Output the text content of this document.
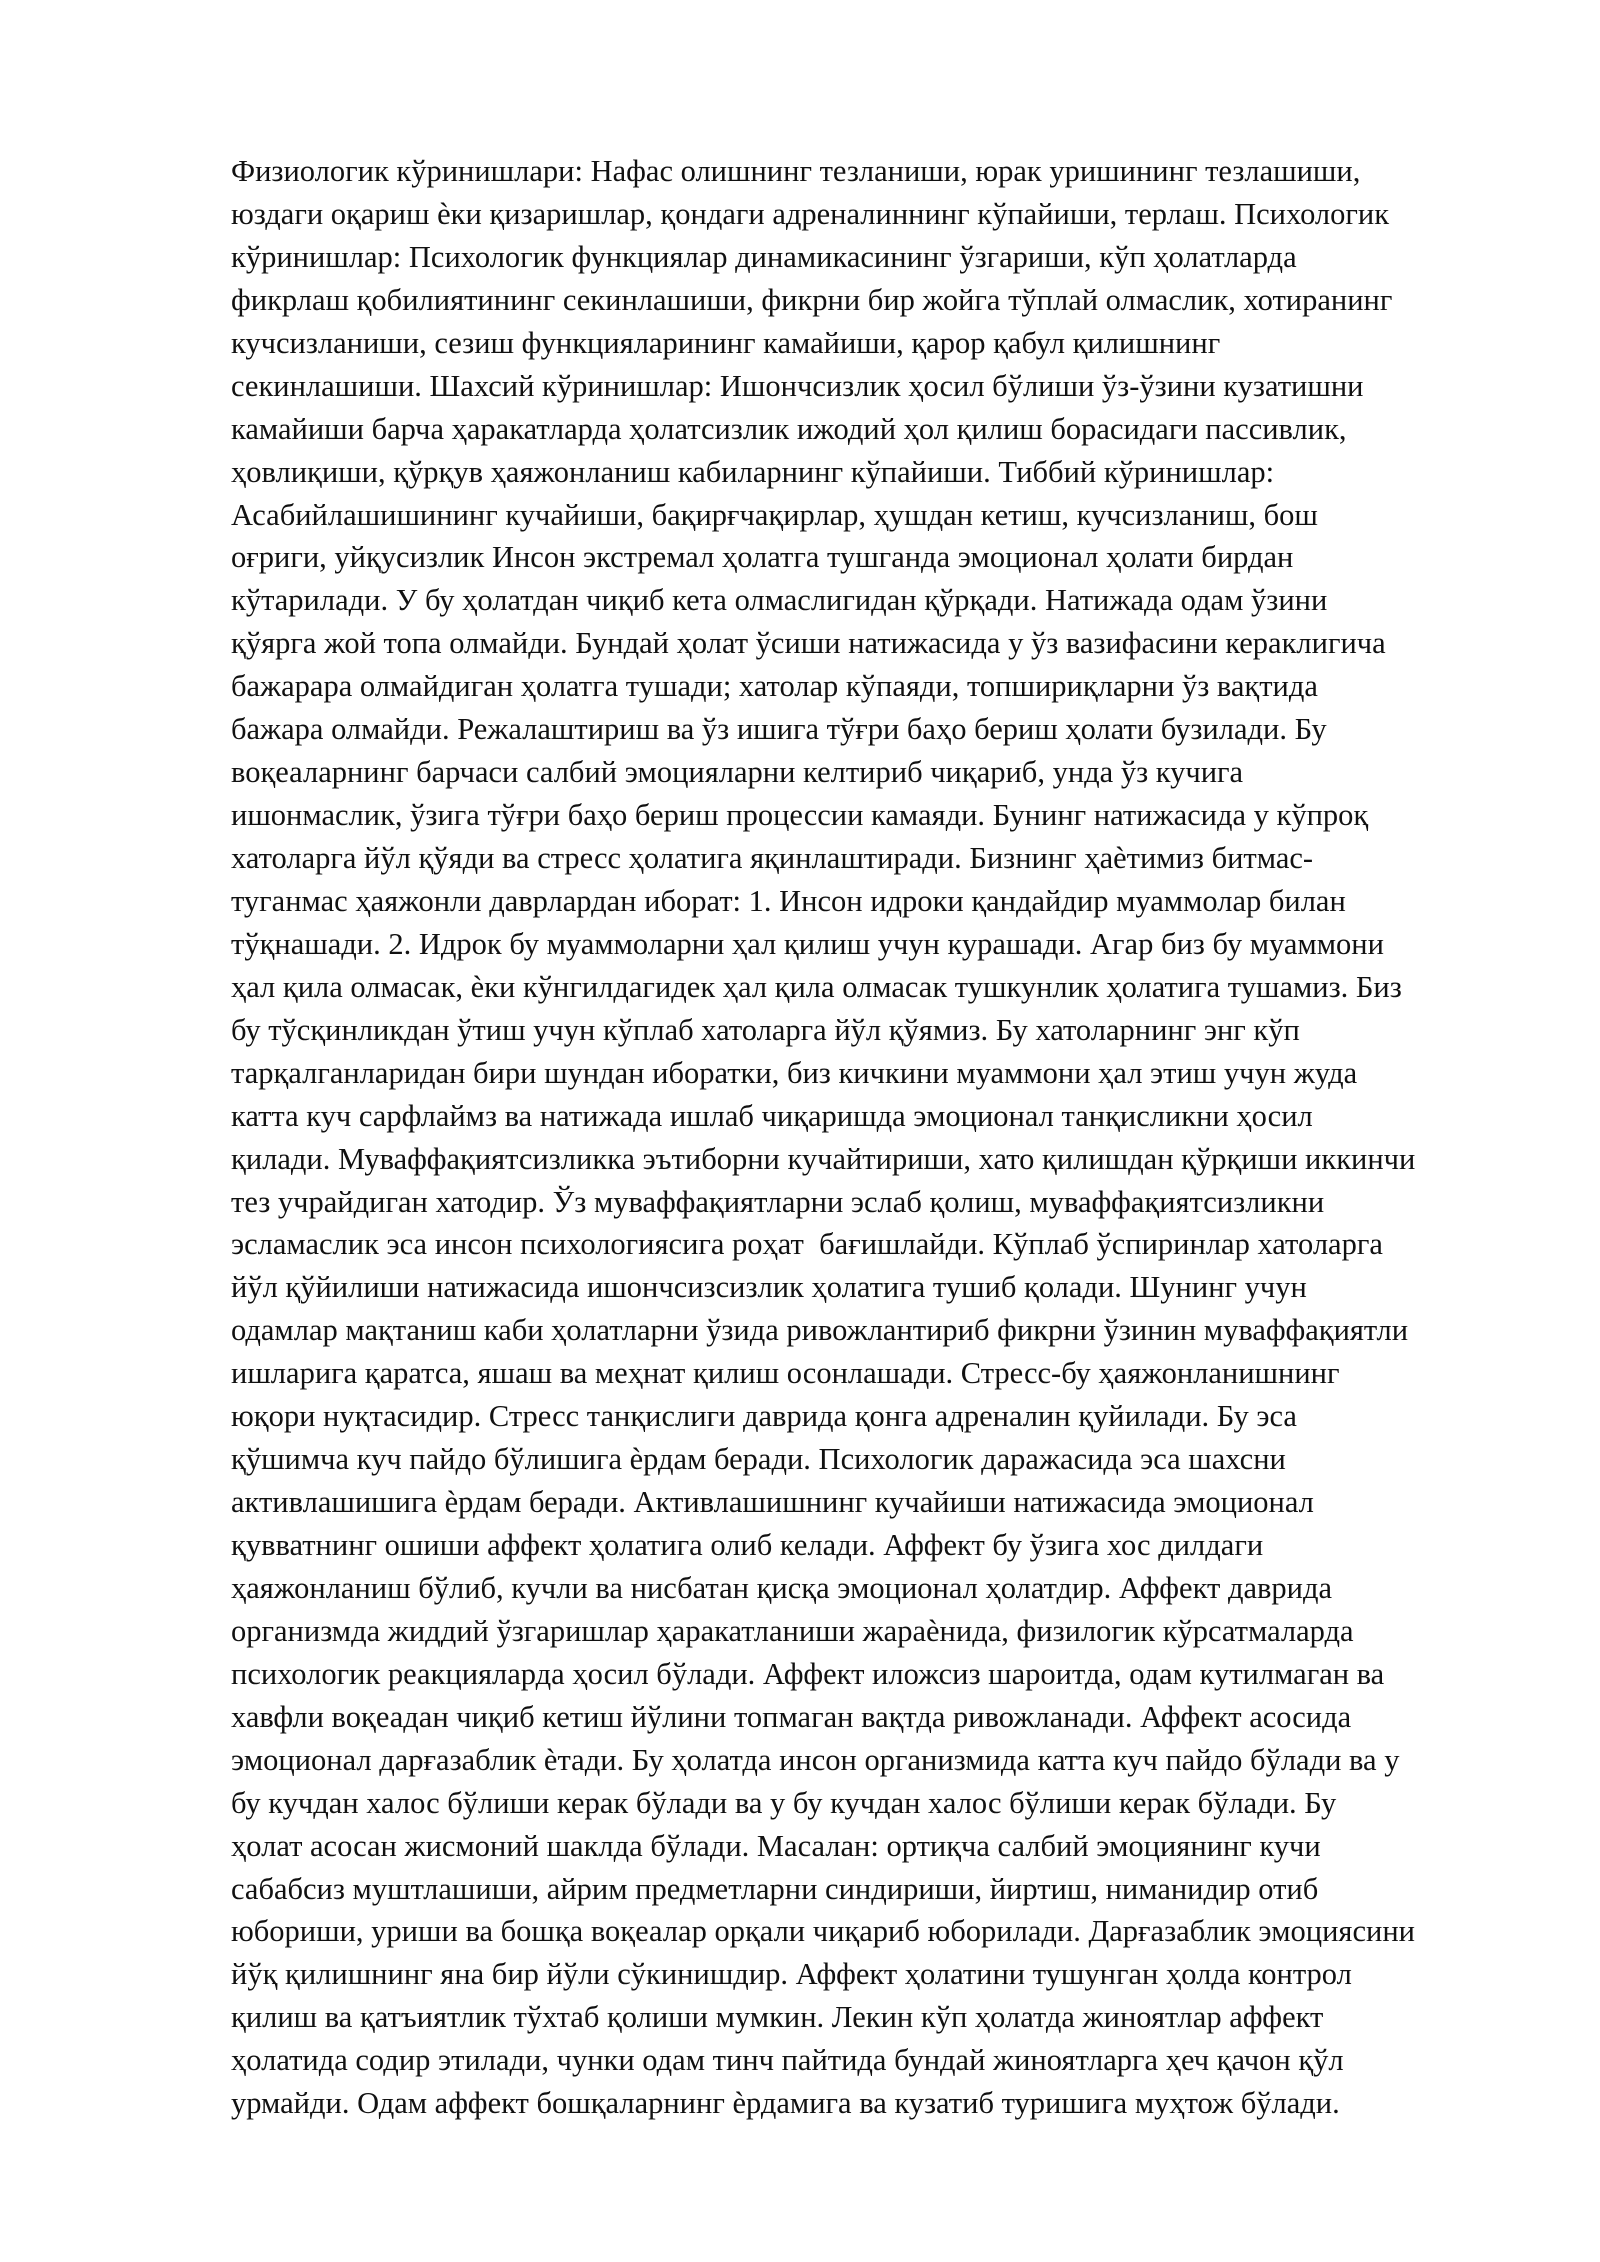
Физиологик кўринишлари: Нафас олишнинг тезланиши, юрак уришининг тезлашиши,
юздаги оқариш ѐки қизаришлар, қондаги адреналиннинг кўпайиши, терлаш. Психологик
кўринишлар: Психологик функциялар динамикасининг ўзгариши, кўп ҳолатларда
фикрлаш қобилиятининг секинлашиши, фикрни бир жойга тўплай олмаслик, хотиранинг
кучсизланиши, сезиш функцияларининг камайиши, қарор қабул қилишнинг
секинлашиши. Шахсий кўринишлар: Ишончсизлик ҳосил бўлиши ўз-ўзини кузатишни
камайиши барча ҳаракатларда ҳолатсизлик ижодий ҳол қилиш борасидаги пассивлик,
ҳовлиқиши, қўрқув ҳаяжонланиш кабиларнинг кўпайиши. Тиббий кўринишлар:
Асабийлашишининг кучайиши, бақирғчақирлар, ҳушдан кетиш, кучсизланиш, бош
оғриги, уйқусизлик Инсон экстремал ҳолатга тушганда эмоционал ҳолати бирдан
кўтарилади. У бу ҳолатдан чиқиб кета олмаслигидан қўрқади. Натижада одам ўзини
қўярга жой топа олмайди. Бундай ҳолат ўсиши натижасида у ўз вазифасини кераклигича
бажарара олмайдиган ҳолатга тушади; хатолар кўпаяди, топшириқларни ўз вақтида
бажара олмайди. Режалаштириш ва ўз ишига тўғри баҳо бериш ҳолати бузилади. Бу
воқеаларнинг барчаси салбий эмоцияларни келтириб чиқариб, унда ўз кучига
ишонмаслик, ўзига тўғри баҳо бериш процессии камаяди. Бунинг натижасида у кўпроқ
хатоларга йўл қўяди ва стресс ҳолатига яқинлаштиради. Бизнинг ҳаѐтимиз битмас-
туганмас ҳаяжонли даврлардан иборат: 1. Инсон идроки қандайдир муаммолар билан
тўқнашади. 2. Идрок бу муаммоларни ҳал қилиш учун курашади. Агар биз бу муаммони
ҳал қила олмасак, ѐки кўнгилдагидек ҳал қила олмасак тушкунлик ҳолатига тушамиз. Биз
бу тўсқинликдан ўтиш учун кўплаб хатоларга йўл қўямиз. Бу хатоларнинг энг кўп
тарқалганларидан бири шундан иборатки, биз кичкини муаммони ҳал этиш учун жуда
катта куч сарфлаймз ва натижада ишлаб чиқаришда эмоционал танқисликни ҳосил
қилади. Муваффақиятсизликка эътиборни кучайтириши, хато қилишдан қўрқиши иккинчи
тез учрайдиган хатодир. Ўз муваффақиятларни эслаб қолиш, муваффақиятсизликни
эсламаслик эса инсон психологиясига роҳат  бағишлайди. Кўплаб ўспиринлар хатоларга
йўл қўйилиши натижасида ишончсизсизлик ҳолатига тушиб қолади. Шунинг учун
одамлар мақтаниш каби ҳолатларни ўзида ривожлантириб фикрни ўзинин муваффақиятли
ишларига қаратса, яшаш ва меҳнат қилиш осонлашади. Стресс-бу ҳаяжонланишнинг
юқори нуқтасидир. Стресс танқислиги даврида қонга адреналин қуйилади. Бу эса
қўшимча куч пайдо бўлишига ѐрдам беради. Психологик даражасида эса шахсни
активлашишига ѐрдам беради. Активлашишнинг кучайиши натижасида эмоционал
қувватнинг ошиши аффект ҳолатига олиб келади. Аффект бу ўзига хос дилдаги
ҳаяжонланиш бўлиб, кучли ва нисбатан қисқа эмоционал ҳолатдир. Аффект даврида
организмда жиддий ўзгаришлар ҳаракатланиши жараѐнида, физилогик кўрсатмаларда
психологик реакцияларда ҳосил бўлади. Аффект иложсиз шароитда, одам кутилмаган ва
хавфли воқеадан чиқиб кетиш йўлини топмаган вақтда ривожланади. Аффект асосида
эмоционал дарғазаблик ѐтади. Бу ҳолатда инсон организмида катта куч пайдо бўлади ва у
бу кучдан халос бўлиши керак бўлади ва у бу кучдан халос бўлиши керак бўлади. Бу
ҳолат асосан жисмоний шаклда бўлади. Масалан: ортиқча салбий эмоциянинг кучи
сабабсиз муштлашиши, айрим предметларни синдириши, йиртиш, ниманидир отиб
юбориши, уриши ва бошқа воқеалар орқали чиқариб юборилади. Дарғазаблик эмоциясини
йўқ қилишнинг яна бир йўли сўкинишдир. Аффект ҳолатини тушунган ҳолда контрол
қилиш ва қатъиятлик тўхтаб қолиши мумкин. Лекин кўп ҳолатда жиноятлар аффект
ҳолатида содир этилади, чунки одам тинч пайтида бундай жиноятларга ҳеч қачон қўл
урмайди. Одам аффект бошқаларнинг ѐрдамига ва кузатиб туришига муҳтож бўлади.
